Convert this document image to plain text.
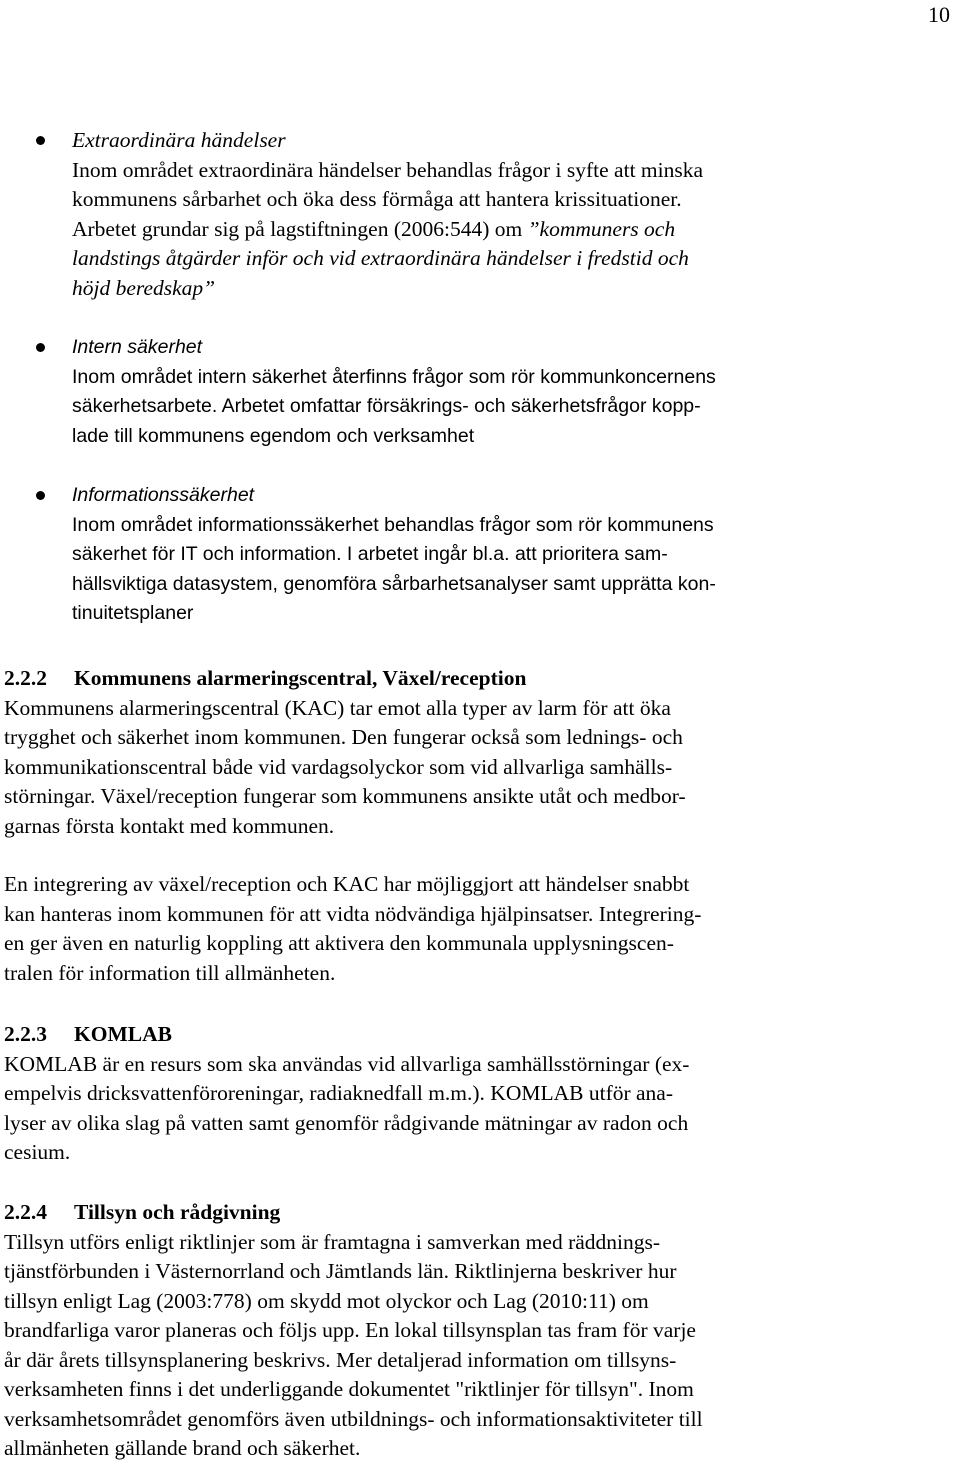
10
Extraordinära händelser
Inom området extraordinära händelser behandlas frågor i syfte att minska
kommunens sårbarhet och öka dess förmåga att hantera krissituationer.
Arbetet grundar sig på lagstiftningen (2006:544) om ”kommuners och
landstings åtgärder inför och vid extraordinära händelser i fredstid och
höjd beredskap”
Intern säkerhet
Inom området intern säkerhet återfinns frågor som rör kommunkoncernens
säkerhetsarbete. Arbetet omfattar försäkrings- och säkerhetsfrågor kopp-
lade till kommunens egendom och verksamhet
Informationssäkerhet
Inom området informationssäkerhet behandlas frågor som rör kommunens
säkerhet för IT och information. I arbetet ingår bl.a. att prioritera sam-
hällsviktiga datasystem, genomföra sårbarhetsanalyser samt upprätta kon-
tinuitetsplaner
2.2.2 Kommunens alarmeringscentral, Växel/reception

Kommunens alarmeringscentral (KAC) tar emot alla typer av larm för att öka
trygghet och säkerhet inom kommunen. Den fungerar också som lednings- och
kommunikationscentral både vid vardagsolyckor som vid allvarliga samhälls-
störningar. Växel/reception fungerar som kommunens ansikte utåt och medbor-
garnas första kontakt med kommunen.

En integrering av växel/reception och KAC har möjliggjort att händelser snabbt
kan hanteras inom kommunen för att vidta nödvändiga hjälpinsatser. Integrering-
en ger även en naturlig koppling att aktivera den kommunala upplysningscen-
tralen för information till allmänheten.

2.2.3 KOMLAB

KOMLAB är en resurs som ska användas vid allvarliga samhällsstörningar (ex-
empelvis dricksvattenföroreningar, radiaknedfall m.m.). KOMLAB utför ana-
lyser av olika slag på vatten samt genomför rådgivande mätningar av radon och
cesium.

2.2.4 Tillsyn och rådgivning

Tillsyn utförs enligt riktlinjer som är framtagna i samverkan med räddnings-
tjänstförbunden i Västernorrland och Jämtlands län. Riktlinjerna beskriver hur
tillsyn enligt Lag (2003:778) om skydd mot olyckor och Lag (2010:11) om
brandfarliga varor planeras och följs upp. En lokal tillsynsplan tas fram för varje
år där årets tillsynsplanering beskrivs. Mer detaljerad information om tillsyns-
verksamheten finns i det underliggande dokumentet "riktlinjer för tillsyn". Inom
verksamhetsområdet genomförs även utbildnings- och informationsaktiviteter till
allmänheten gällande brand och säkerhet.
